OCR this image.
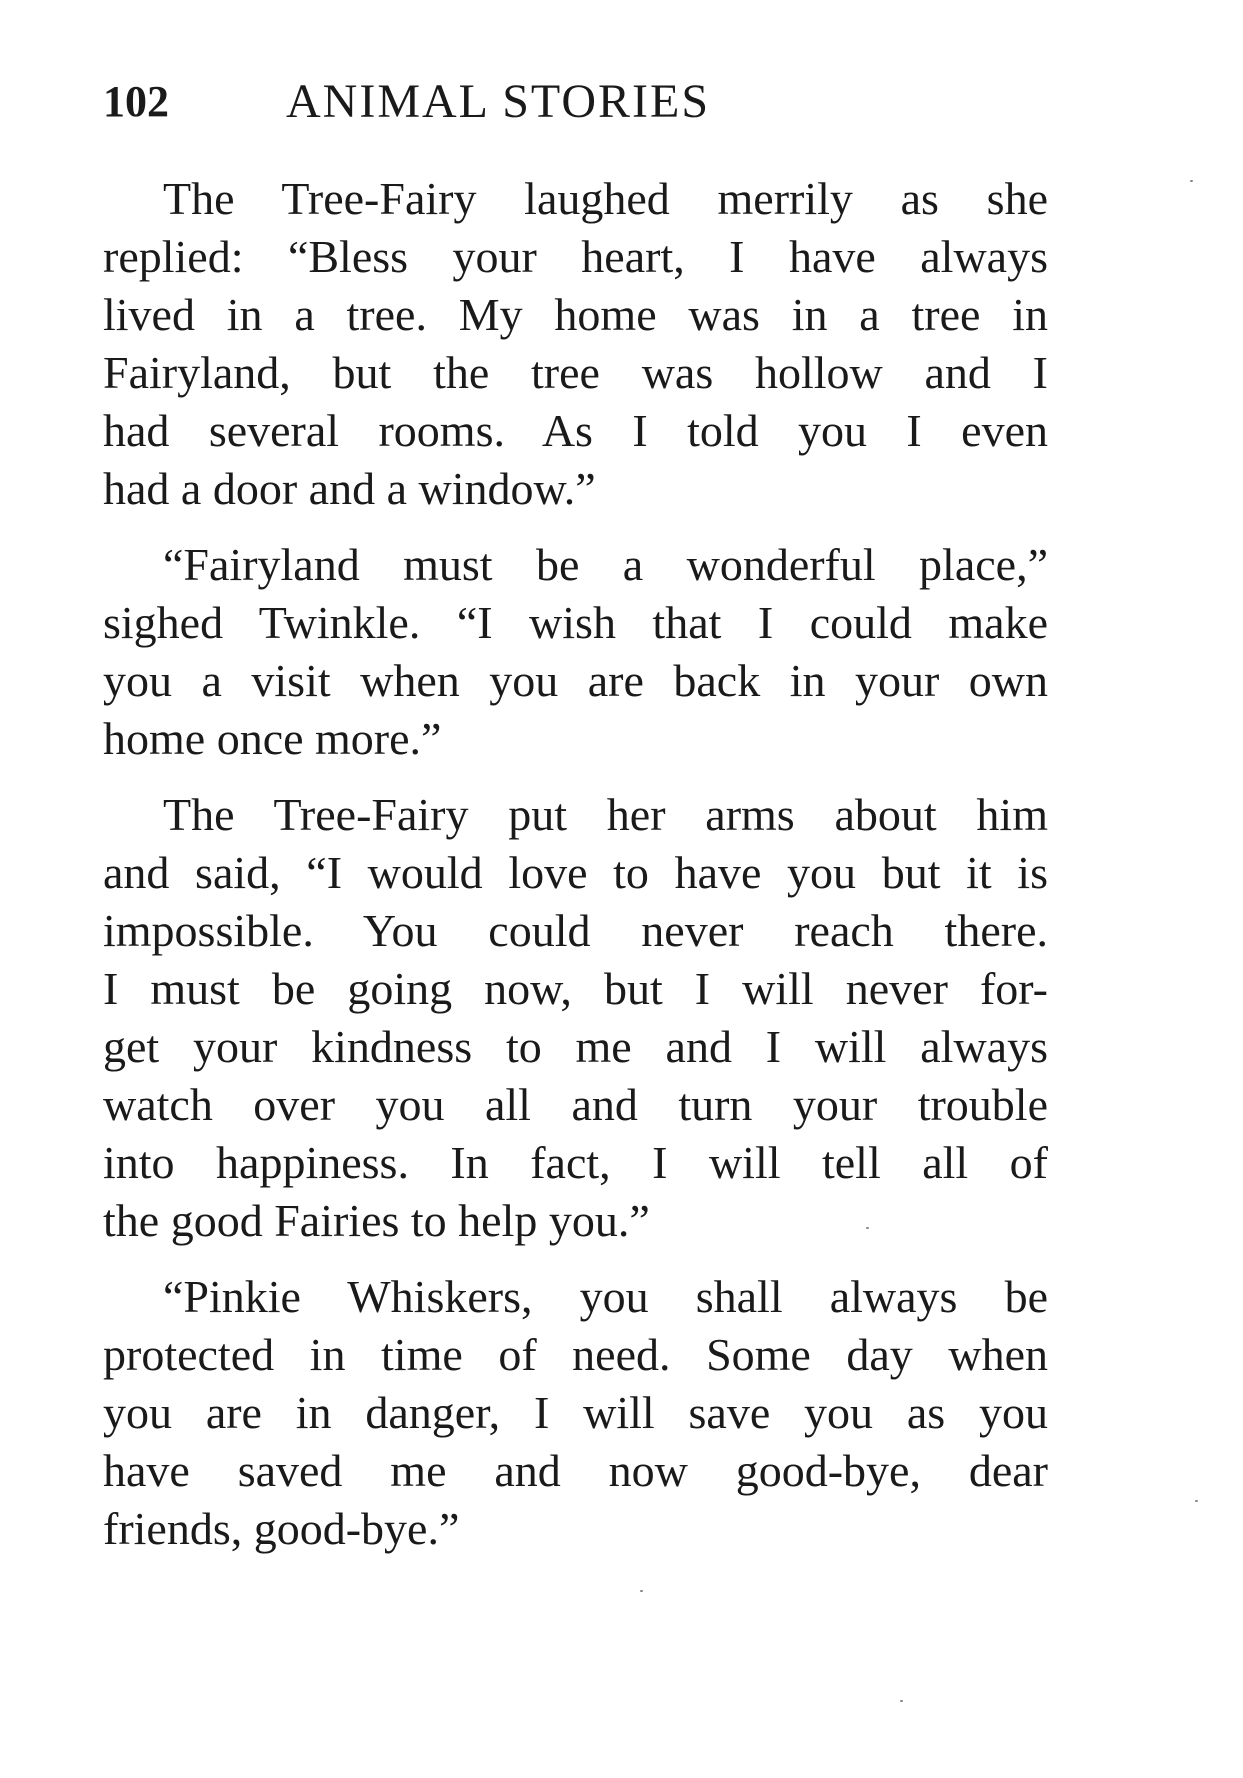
102 ANIMAL STORIES
The Tree-Fairy laughed merrily as she
replied: “Bless your heart, I have always
lived in a tree. My home was in a tree in
Fairyland, but the tree was hollow and I
had several rooms. As I told you I even
had a door and a window.”
“Fairyland must be a wonderful place,”
sighed Twinkle. “I wish that I could make
you a visit when you are back in your own
home once more.”
The Tree-Fairy put her arms about him
and said, “I would love to have you but it is
impossible. You could never reach there.
I must be going now, but I will never for-
get your kindness to me and I will always
watch over you all and turn your trouble
into happiness. In fact, I will tell all of
the good Fairies to help you.”
“Pinkie Whiskers, you shall always be
protected in time of need. Some day when
you are in danger, I will save you as you
have saved me and now good-bye, dear
friends, good-bye.”
